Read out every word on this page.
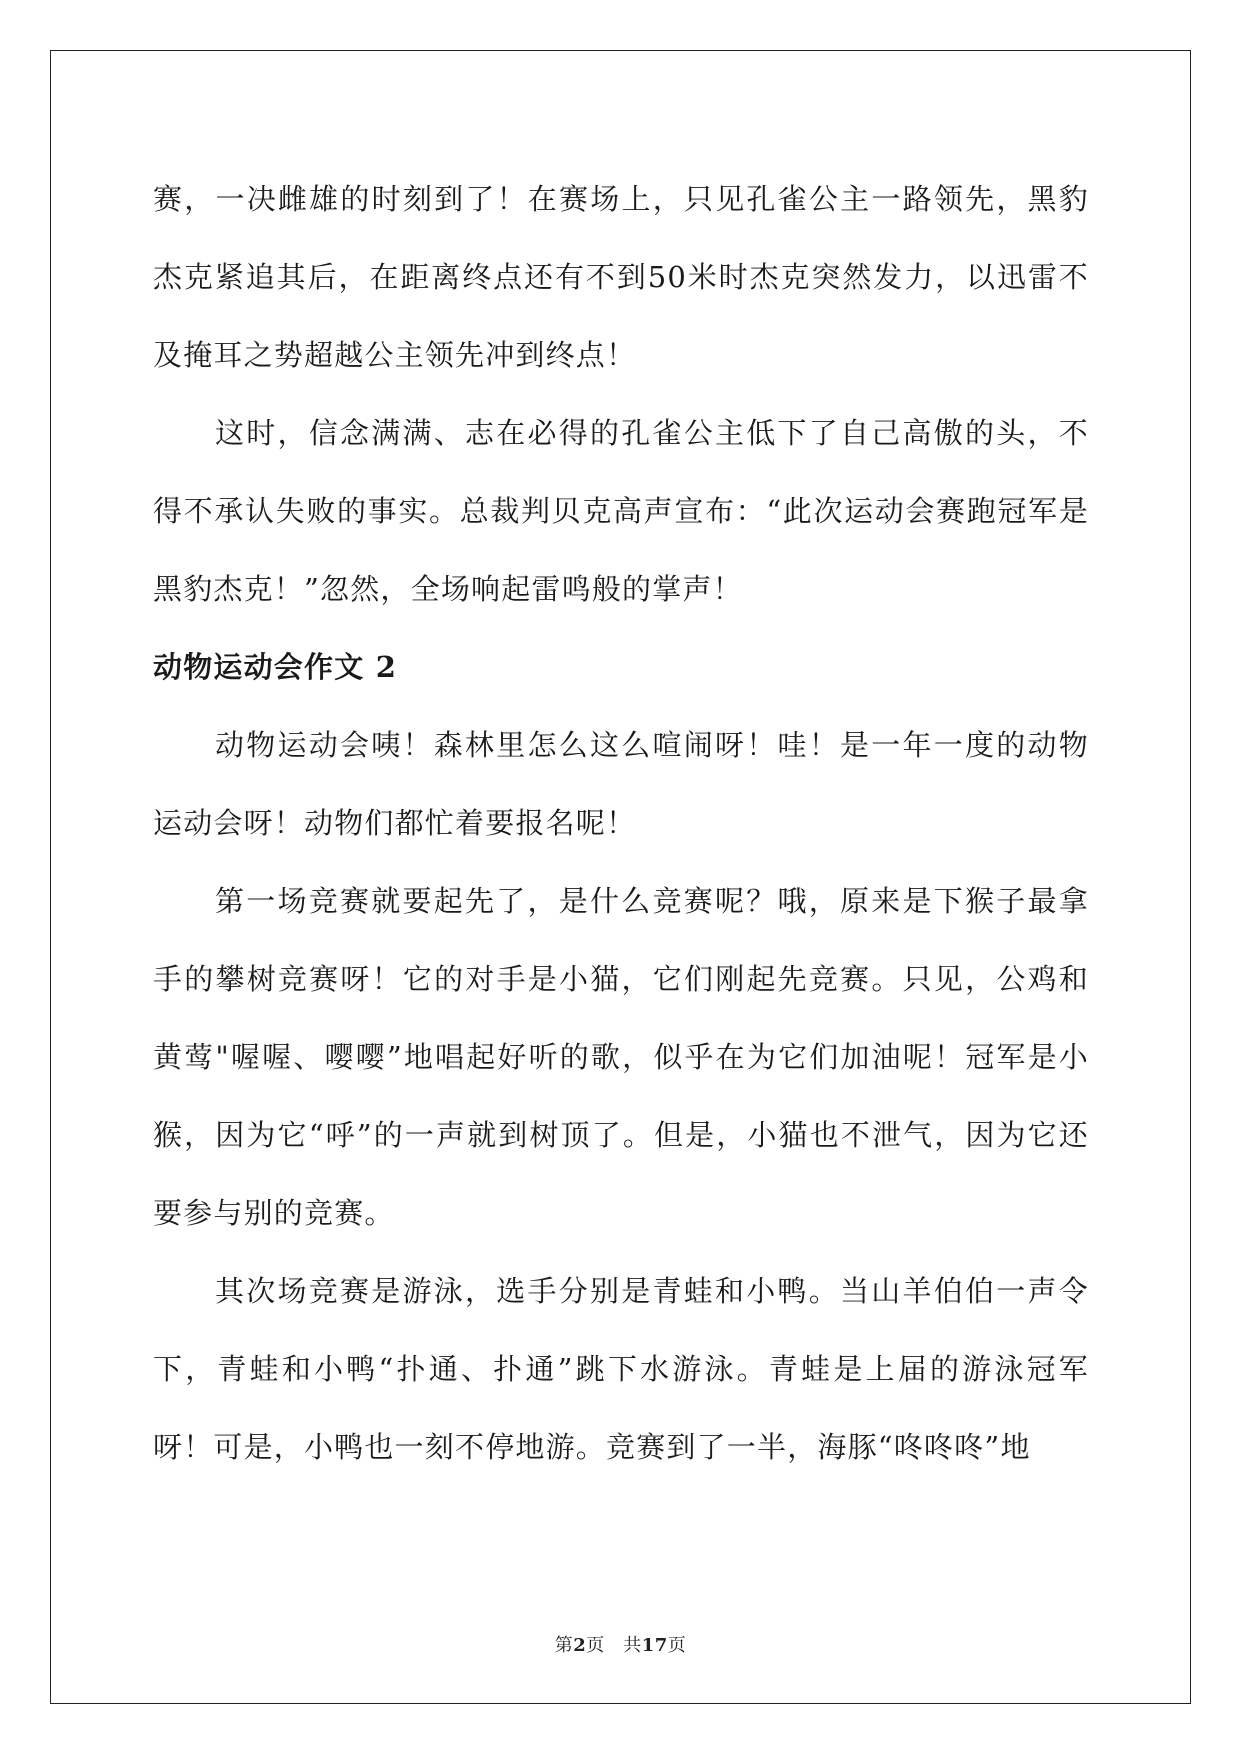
赛，一决雌雄的时刻到了！在赛场上，只见孔雀公主一路领先，黑豹杰克紧追其后，在距离终点还有不到50米时杰克突然发力，以迅雷不及掩耳之势超越公主领先冲到终点！

这时，信念满满、志在必得的孔雀公主低下了自己高傲的头，不得不承认失败的事实。总裁判贝克高声宣布：“此次运动会赛跑冠军是黑豹杰克！”忽然，全场响起雷鸣般的掌声！

动物运动会作文 2

动物运动会咦！森林里怎么这么喧闹呀！哇！是一年一度的动物运动会呀！动物们都忙着要报名呢！

第一场竞赛就要起先了，是什么竞赛呢？哦，原来是下猴子最拿手的攀树竞赛呀！它的对手是小猫，它们刚起先竞赛。只见，公鸡和黄莺"喔喔、嘤嘤”地唱起好听的歌，似乎在为它们加油呢！冠军是小猴，因为它“呼”的一声就到树顶了。但是，小猫也不泄气，因为它还要参与别的竞赛。

其次场竞赛是游泳，选手分别是青蛙和小鸭。当山羊伯伯一声令下，青蛙和小鸭“扑通、扑通”跳下水游泳。青蛙是上届的游泳冠军呀！可是，小鸭也一刻不停地游。竞赛到了一半，海豚“咚咚咚”地

第2页　共17页
